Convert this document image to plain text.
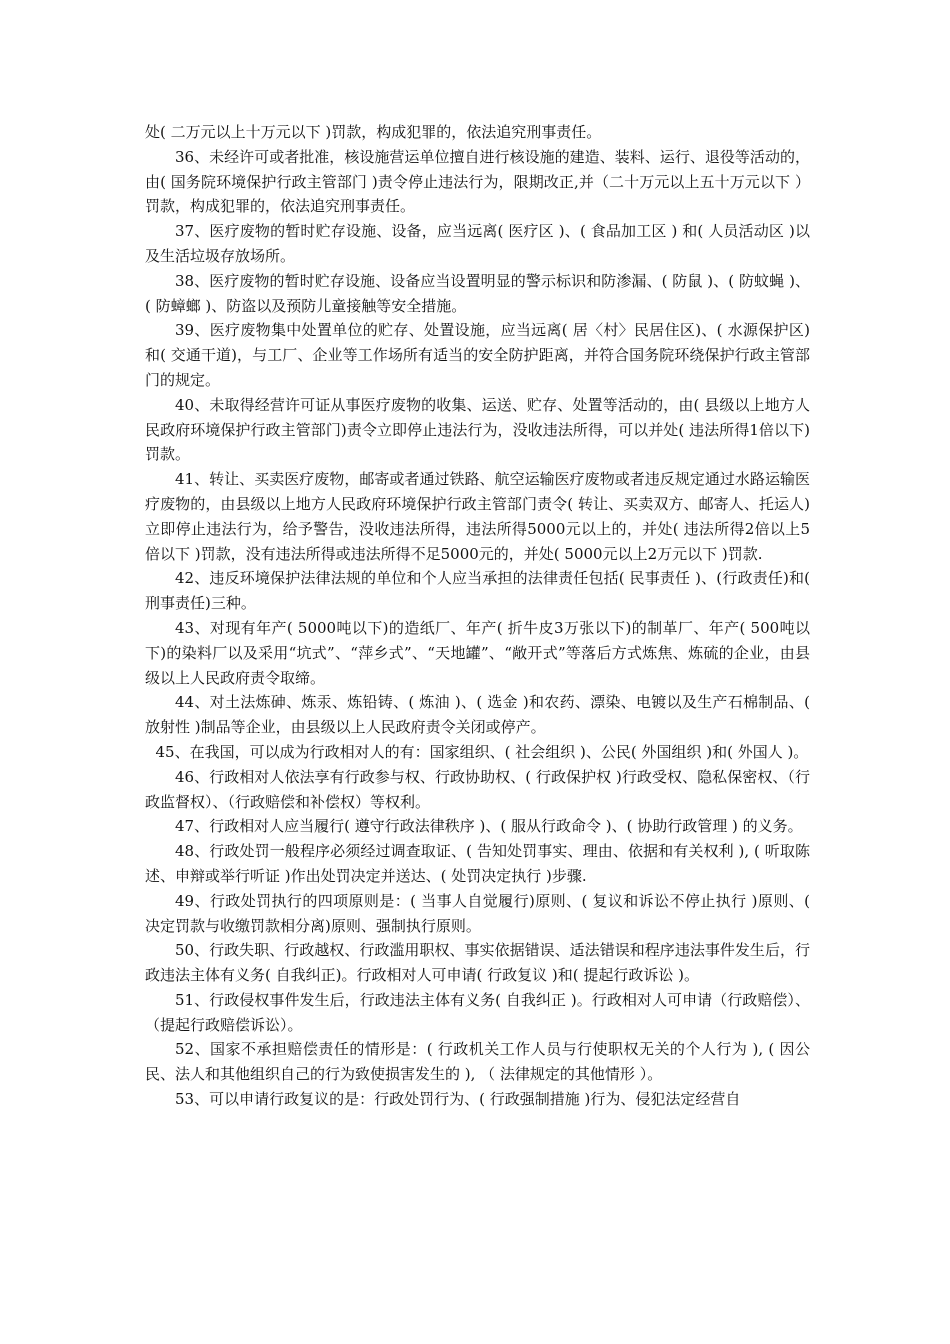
处( 二万元以上十万元以下 )罚款，构成犯罪的，依法追究刑事责任。

36、未经许可或者批准，核设施营运单位擅自进行核设施的建造、装料、运行、退役等活动的，由( 国务院环境保护行政主管部门 )责令停止违法行为，限期改正,并（二十万元以上五十万元以下 ） 罚款，构成犯罪的，依法追究刑事责任。

37、医疗废物的暂时贮存设施、设备，应当远离( 医疗区 )、( 食品加工区 ) 和( 人员活动区 )以及生活垃圾存放场所。

38、医疗废物的暂时贮存设施、设备应当设置明显的警示标识和防渗漏、( 防鼠 )、( 防蚊蝇 )、( 防蟑螂 )、防盗以及预防儿童接触等安全措施。

39、医疗废物集中处置单位的贮存、处置设施，应当远离( 居〈村〉民居住区)、( 水源保护区)和( 交通干道)，与工厂、企业等工作场所有适当的安全防护距离，并符合国务院环绕保护行政主管部门的规定。

40、未取得经营许可证从事医疗废物的收集、运送、贮存、处置等活动的，由( 县级以上地方人民政府环境保护行政主管部门)责令立即停止违法行为，没收违法所得，可以并处( 违法所得1倍以下)罚款。

41、转让、买卖医疗废物，邮寄或者通过铁路、航空运输医疗废物或者违反规定通过水路运输医疗废物的，由县级以上地方人民政府环境保护行政主管部门责令( 转让、买卖双方、邮寄人、托运人)立即停止违法行为，给予警告，没收违法所得，违法所得5000元以上的，并处( 违法所得2倍以上5倍以下 )罚款，没有违法所得或违法所得不足5000元的，并处( 5000元以上2万元以下 )罚款.

42、违反环境保护法律法规的单位和个人应当承担的法律责任包括( 民事责任 )、(行政责任)和( 刑事责任)三种。

43、对现有年产( 5000吨以下)的造纸厂、年产( 折牛皮3万张以下)的制革厂、年产( 500吨以下)的染料厂以及采用“坑式”、“萍乡式”、“天地罐”、“敞开式”等落后方式炼焦、炼硫的企业，由县级以上人民政府责令取缔。

44、对土法炼砷、炼汞、炼铅铸、( 炼油 )、( 选金 )和农药、漂染、电镀以及生产石棉制品、( 放射性 )制品等企业，由县级以上人民政府责令关闭或停产。

45、在我国，可以成为行政相对人的有：国家组织、( 社会组织 )、公民( 外国组织 )和( 外国人 )。

46、行政相对人依法享有行政参与权、行政协助权、( 行政保护权 )行政受权、隐私保密权、（行政监督权）、（行政赔偿和补偿权）等权利。

47、行政相对人应当履行( 遵守行政法律秩序 )、( 服从行政命令 )、( 协助行政管理 ) 的义务。

48、行政处罚一般程序必须经过调查取证、( 告知处罚事实、理由、依据和有关权利 ), ( 听取陈述、申辩或举行听证 )作出处罚决定并送达、( 处罚决定执行 )步骤.

49、行政处罚执行的四项原则是：( 当事人自觉履行)原则、( 复议和诉讼不停止执行 )原则、( 决定罚款与收缴罚款相分离)原则、强制执行原则。

50、行政失职、行政越权、行政滥用职权、事实依据错误、适法错误和程序违法事件发生后，行政违法主体有义务( 自我纠正)。行政相对人可申请( 行政复议 )和( 提起行政诉讼 )。

51、行政侵权事件发生后，行政违法主体有义务( 自我纠正 )。行政相对人可申请（行政赔偿）、（提起行政赔偿诉讼）。

52、国家不承担赔偿责任的情形是：( 行政机关工作人员与行使职权无关的个人行为 ), ( 因公民、法人和其他组织自己的行为致使损害发生的 ), （ 法律规定的其他情形 ）。

53、可以申请行政复议的是：行政处罚行为、( 行政强制措施 )行为、侵犯法定经营自
